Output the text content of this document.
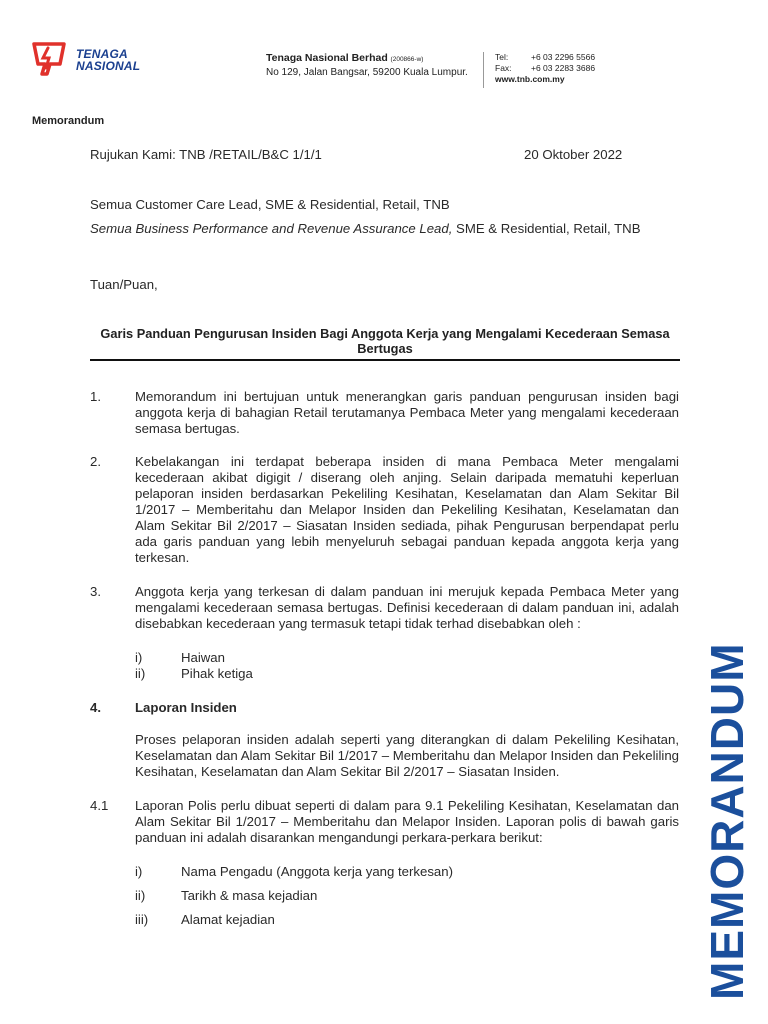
TENAGA
NASIONAL
Tenaga Nasional Berhad (200866-w)
No 129, Jalan Bangsar, 59200 Kuala Lumpur.
Tel:	+6 03 2296 5566
Fax: +6 03 2283 3686
www.tnb.com.my
Memorandum
MEMORANDUM
Rujukan Kami: TNB /RETAIL/B&C 1/1/1	20 Oktober 2022
Semua Customer Care Lead, SME & Residential, Retail, TNB
Semua Business Performance and Revenue Assurance Lead, SME & Residential, Retail, TNB
Tuan/Puan,
Garis Panduan Pengurusan Insiden Bagi Anggota Kerja yang Mengalami Kecederaan Semasa Bertugas
1.	Memorandum ini bertujuan untuk menerangkan garis panduan pengurusan insiden bagi anggota kerja di bahagian Retail terutamanya Pembaca Meter yang mengalami kecederaan semasa bertugas.
2.	Kebelakangan ini terdapat beberapa insiden di mana Pembaca Meter mengalami kecederaan akibat digigit / diserang oleh anjing. Selain daripada mematuhi keperluan pelaporan insiden berdasarkan Pekeliling Kesihatan, Keselamatan dan Alam Sekitar Bil 1/2017 – Memberitahu dan Melapor Insiden dan Pekeliling Kesihatan, Keselamatan dan Alam Sekitar Bil 2/2017 – Siasatan Insiden sediada, pihak Pengurusan berpendapat perlu ada garis panduan yang lebih menyeluruh sebagai panduan kepada anggota kerja yang terkesan.
3.	Anggota kerja yang terkesan di dalam panduan ini merujuk kepada Pembaca Meter yang mengalami kecederaan semasa bertugas. Definisi kecederaan di dalam panduan ini, adalah disebabkan kecederaan yang termasuk tetapi tidak terhad disebabkan oleh :
i)	Haiwan
ii)	Pihak ketiga
4.	Laporan Insiden
Proses pelaporan insiden adalah seperti yang diterangkan di dalam Pekeliling Kesihatan, Keselamatan dan Alam Sekitar Bil 1/2017 – Memberitahu dan Melapor Insiden dan Pekeliling Kesihatan, Keselamatan dan Alam Sekitar Bil 2/2017 – Siasatan Insiden.
4.1 Laporan Polis perlu dibuat seperti di dalam para 9.1 Pekeliling Kesihatan, Keselamatan dan Alam Sekitar Bil 1/2017 – Memberitahu dan Melapor Insiden. Laporan polis di bawah garis panduan ini adalah disarankan mengandungi perkara-perkara berikut:
i)	Nama Pengadu (Anggota kerja yang terkesan)
ii)	Tarikh & masa kejadian
iii) Alamat kejadian
